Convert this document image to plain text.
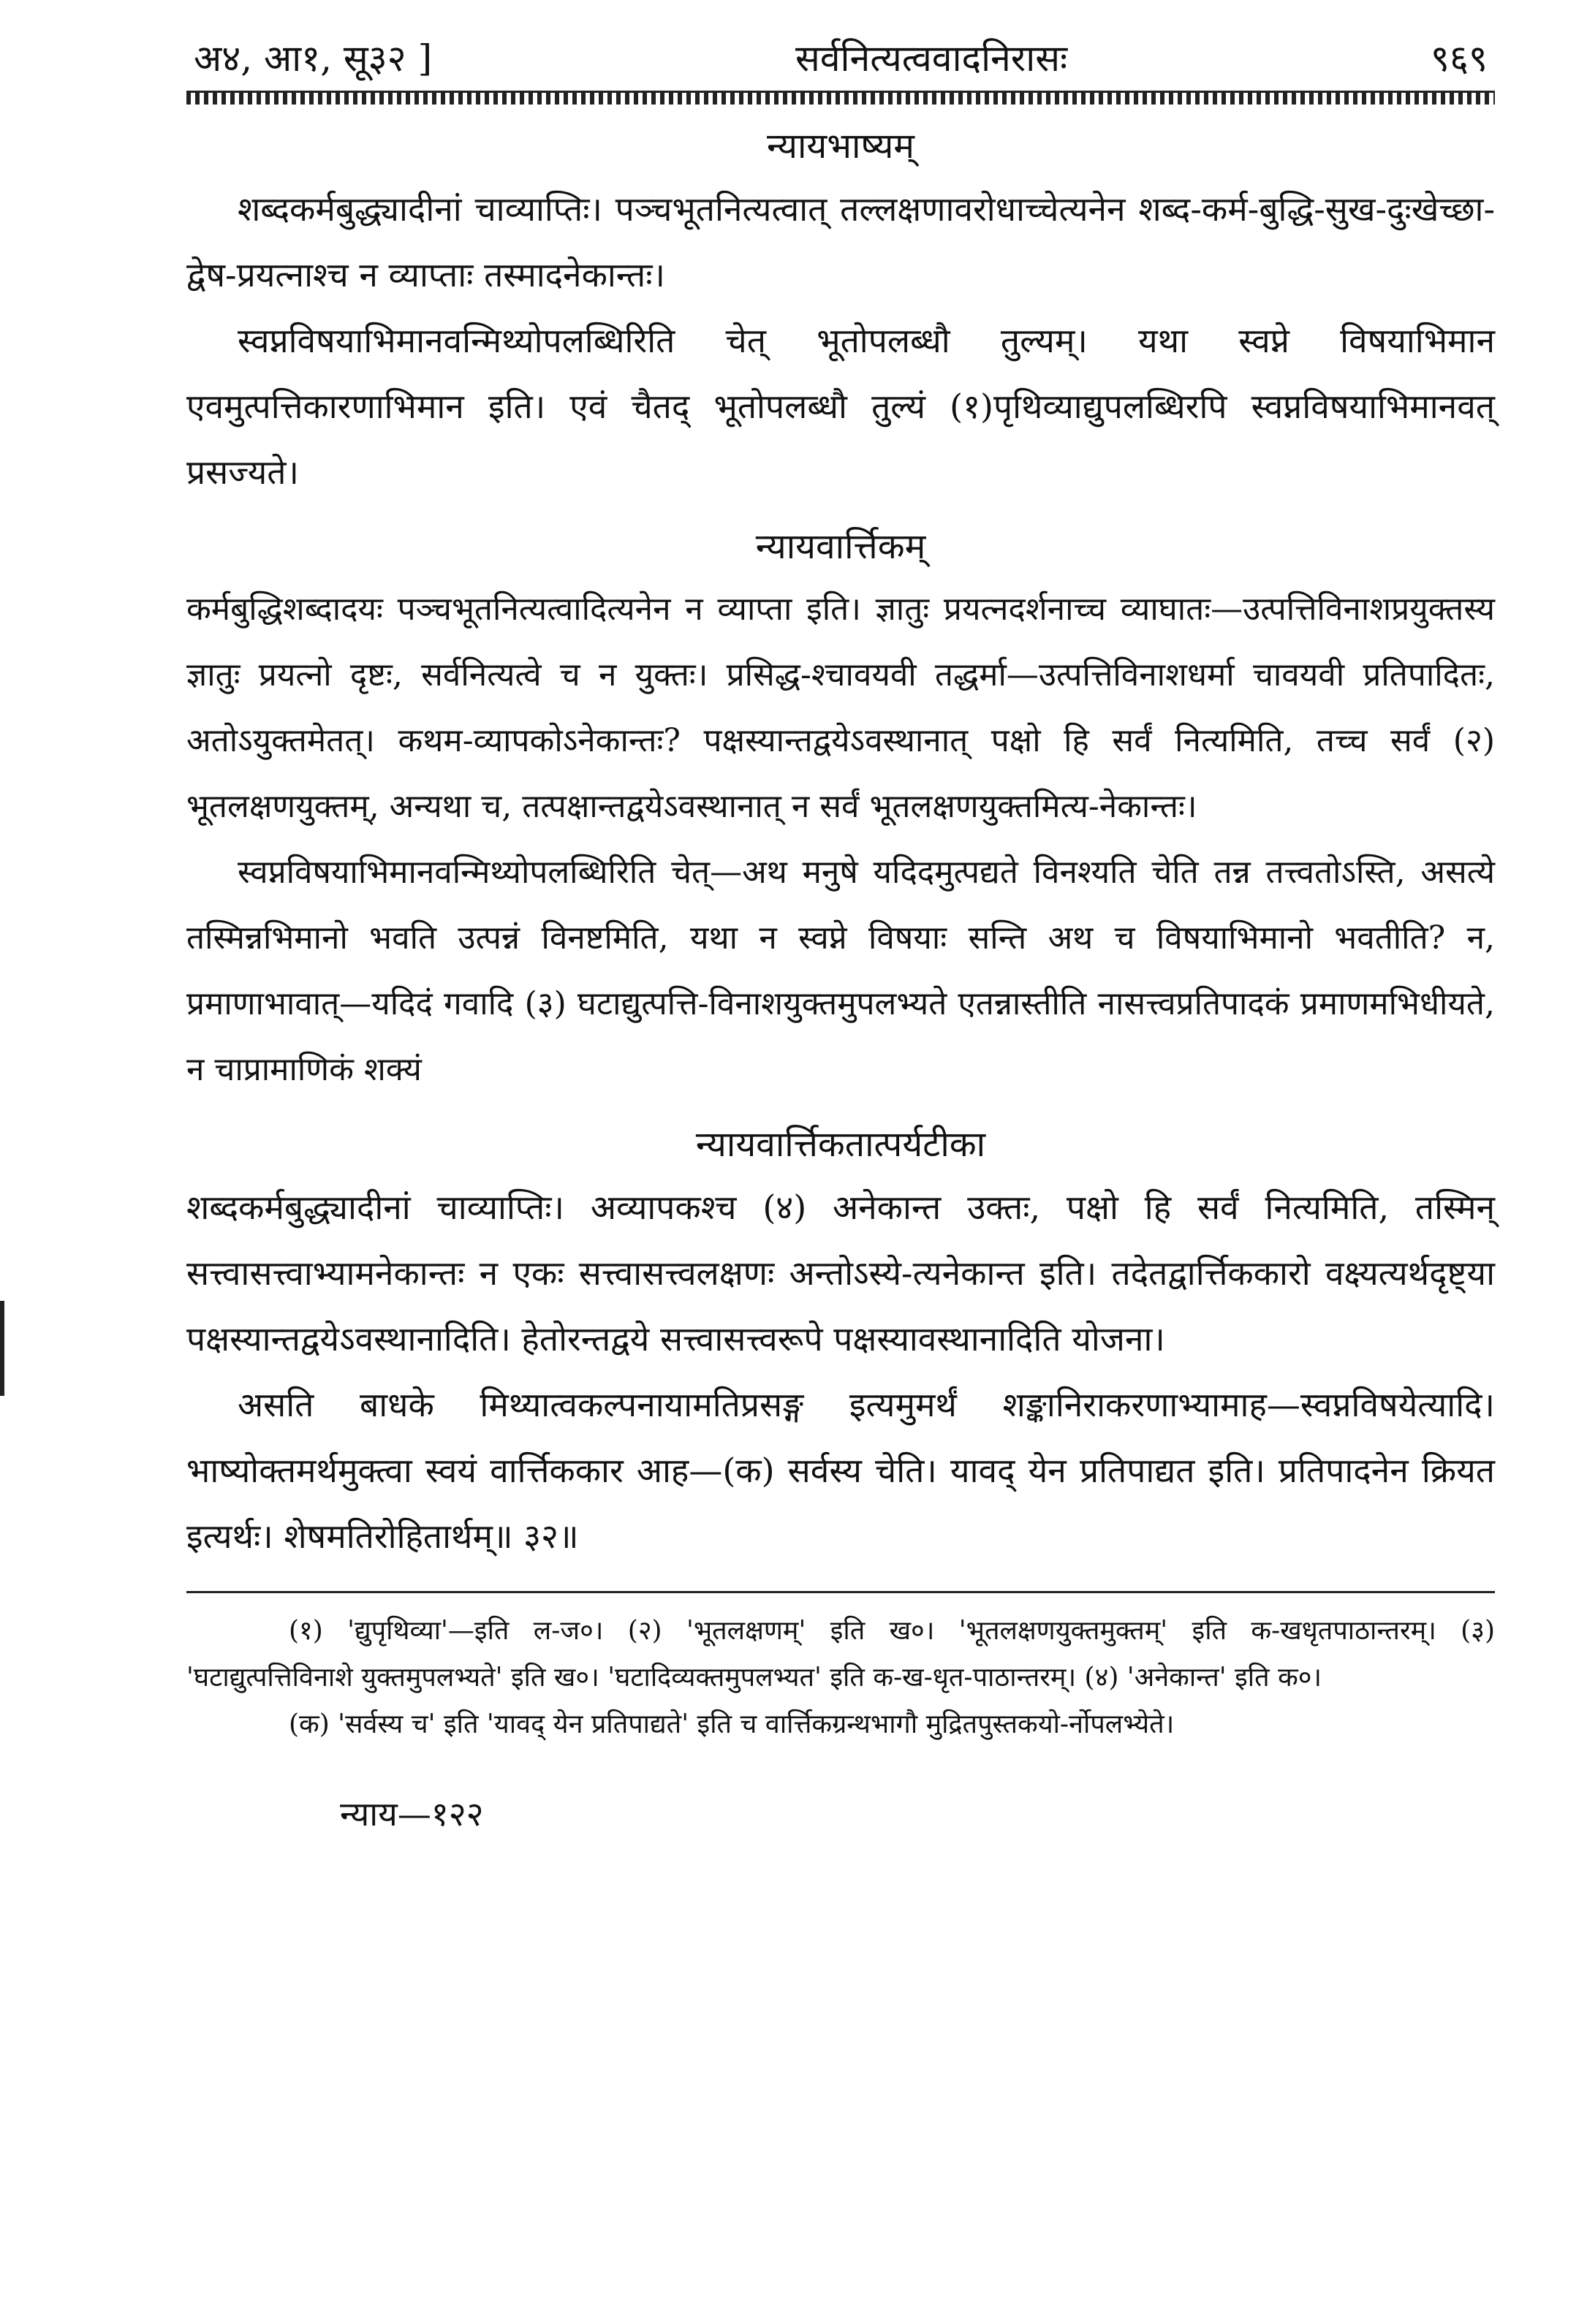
अ४, आ१, सू३२ ]	सर्वनित्यत्ववादनिरासः	९६९
न्यायभाष्यम्

शब्दकर्मबुद्ध्यादीनां चाव्याप्तिः। पञ्चभूतनित्यत्वात् तल्लक्षणावरोधाच्चेत्यनेन शब्द-कर्म-बुद्धि-सुख-दुःखेच्छा-द्वेष-प्रयत्नाश्च न व्याप्ताः तस्मादनेकान्तः।

स्वप्नविषयाभिमानवन्मिथ्योपलब्धिरिति चेत् भूतोपलब्धौ तुल्यम्। यथा स्वप्ने विषयाभिमान एवमुत्पत्तिकारणाभिमान इति। एवं चैतद् भूतोपलब्धौ तुल्यं (१)पृथिव्याद्युपलब्धिरपि स्वप्नविषयाभिमानवत् प्रसज्यते।

न्यायवार्त्तिकम्

कर्मबुद्धिशब्दादयः पञ्चभूतनित्यत्वादित्यनेन न व्याप्ता इति। ज्ञातुः प्रयत्नदर्शनाच्च व्याघातः—उत्पत्तिविनाशप्रयुक्तस्य ज्ञातुः प्रयत्नो दृष्टः, सर्वनित्यत्वे च न युक्तः। प्रसिद्ध-श्चावयवी तद्धर्मा—उत्पत्तिविनाशधर्मा चावयवी प्रतिपादितः, अतोऽयुक्तमेतत्। कथम-व्यापकोऽनेकान्तः? पक्षस्यान्तद्वयेऽवस्थानात् पक्षो हि सर्वं नित्यमिति, तच्च सर्वं (२) भूतलक्षणयुक्तम्, अन्यथा च, तत्पक्षान्तद्वयेऽवस्थानात् न सर्वं भूतलक्षणयुक्तमित्य-नेकान्तः।

स्वप्नविषयाभिमानवन्मिथ्योपलब्धिरिति चेत्—अथ मनुषे यदिदमुत्पद्यते विनश्यति चेति तन्न तत्त्वतोऽस्ति, असत्ये तस्मिन्नभिमानो भवति उत्पन्नं विनष्टमिति, यथा न स्वप्ने विषयाः सन्ति अथ च विषयाभिमानो भवतीति? न, प्रमाणाभावात्—यदिदं गवादि (३) घटाद्युत्पत्ति-विनाशयुक्तमुपलभ्यते एतन्नास्तीति नासत्त्वप्रतिपादकं प्रमाणमभिधीयते, न चाप्रामाणिकं शक्यं

न्यायवार्त्तिकतात्पर्यटीका

शब्दकर्मबुद्ध्यादीनां चाव्याप्तिः। अव्यापकश्च (४) अनेकान्त उक्तः, पक्षो हि सर्वं नित्यमिति, तस्मिन् सत्त्वासत्त्वाभ्यामनेकान्तः न एकः सत्त्वासत्त्वलक्षणः अन्तोऽस्ये-त्यनेकान्त इति। तदेतद्वार्त्तिककारो वक्ष्यत्यर्थदृष्ट्या पक्षस्यान्तद्वयेऽवस्थानादिति। हेतोरन्तद्वये सत्त्वासत्त्वरूपे पक्षस्यावस्थानादिति योजना।

असति बाधके मिथ्यात्वकल्पनायामतिप्रसङ्ग इत्यमुमर्थं शङ्कानिराकरणाभ्यामाह—स्वप्नविषयेत्यादि। भाष्योक्तमर्थमुक्त्वा स्वयं वार्त्तिककार आह—(क) सर्वस्य चेति। यावद् येन प्रतिपाद्यत इति। प्रतिपादनेन क्रियत इत्यर्थः। शेषमतिरोहितार्थम्॥ ३२॥

(१) 'द्युपृथिव्या'—इति ल-ज०। (२) 'भूतलक्षणम्' इति ख०। 'भूतलक्षणयुक्तमुक्तम्' इति क-खधृतपाठान्तरम्। (३) 'घटाद्युत्पत्तिविनाशे युक्तमुपलभ्यते' इति ख०। 'घटादिव्यक्तमुपलभ्यत' इति क-ख-धृत-पाठान्तरम्। (४) 'अनेकान्त' इति क०।

(क) 'सर्वस्य च' इति 'यावद् येन प्रतिपाद्यते' इति च वार्त्तिकग्रन्थभागौ मुद्रितपुस्तकयो-र्नोपलभ्येते।

न्याय—१२२
